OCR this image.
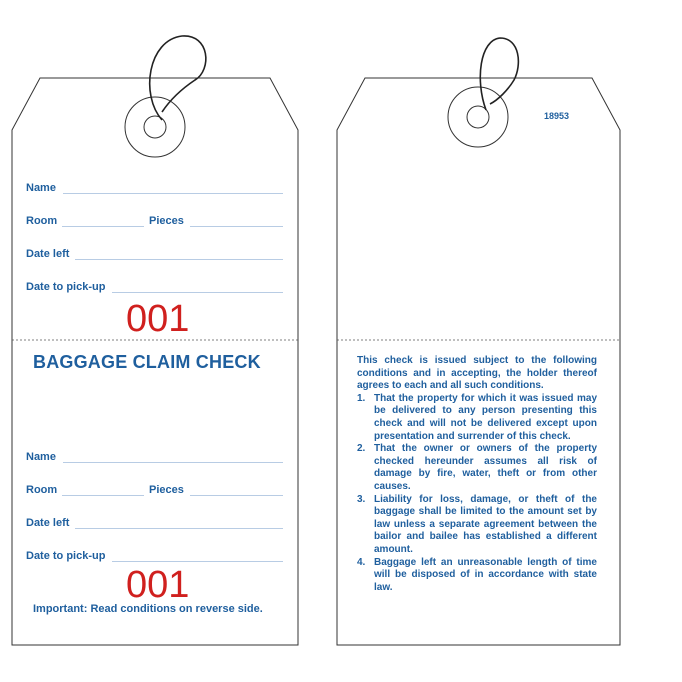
Name
Room	Pieces
Date left
Date to pick-up
001
BAGGAGE CLAIM CHECK
Name
Room	Pieces
Date left
Date to pick-up
001
Important: Read conditions on reverse side.
18953
This check is issued subject to the following conditions and in accepting, the holder thereof agrees to each and all such conditions.
1. That the property for which it was issued may be delivered to any person presenting this check and will not be delivered except upon presentation and surrender of this check.
2. That the owner or owners of the property checked hereunder assumes all risk of damage by fire, water, theft or from other causes.
3. Liability for loss, damage, or theft of the baggage shall be limited to the amount set by law unless a separate agreement between the bailor and bailee has established a different amount.
4. Baggage left an unreasonable length of time will be disposed of in accordance with state law.
